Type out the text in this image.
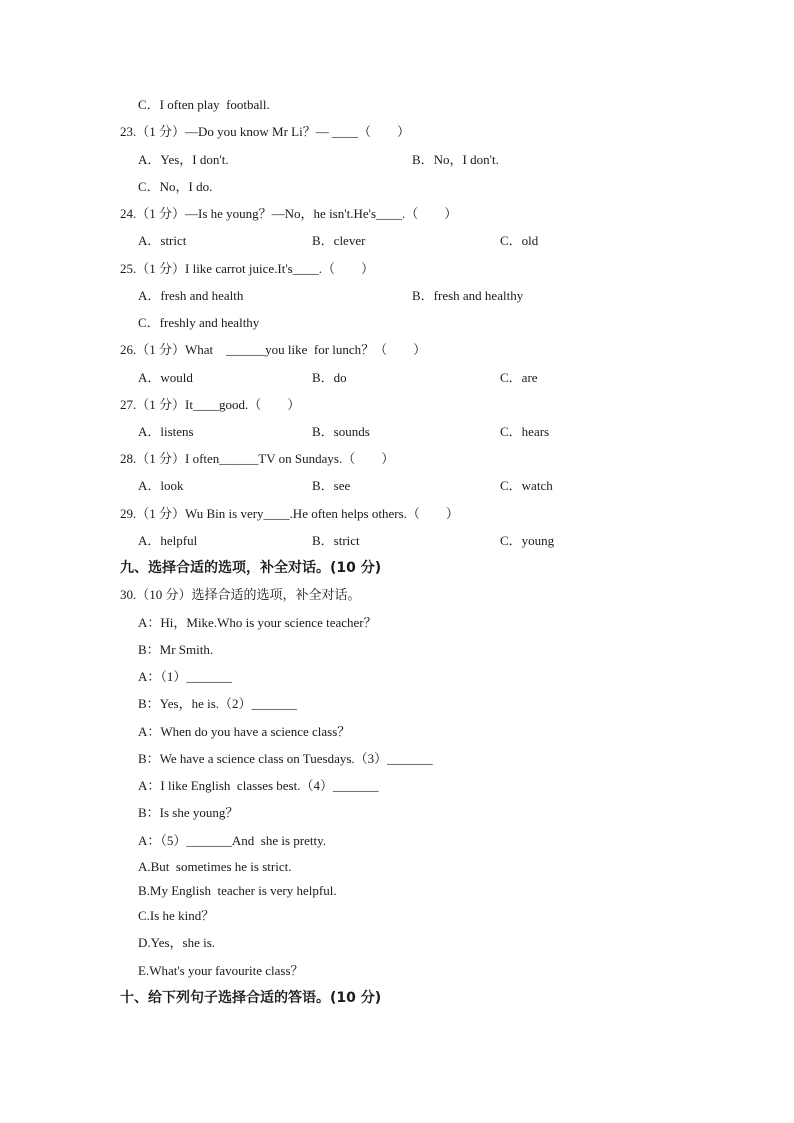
C．I often play  football.
23.（1 分）—Do you know Mr Li？— ____（　　）
A．Yes，I don't.	B．No，I don't.
C．No，I do.
24.（1 分）—Is he young？—No，he isn't.He's____.（　　）
A．strict	B．clever	C．old
25.（1 分）I like carrot juice.It's____.（　　）
A．fresh and health	B．fresh and healthy
C．freshly and healthy
26.（1 分）What　______you like  for lunch？（　　）
A．would	B．do	C．are
27.（1 分）It____good.（　　）
A．listens	B．sounds	C．hears
28.（1 分）I often______TV on Sundays.（　　）
A．look	B．see	C．watch
29.（1 分）Wu Bin is very____.He often helps others.（　　）
A．helpful	B．strict	C．young
九、选择合适的选项，补全对话。(10 分)
30.（10 分）选择合适的选项，补全对话。
A：Hi，Mike.Who is your science teacher？
B：Mr Smith.
A：（1）_______
B：Yes，he is.（2）_______
A：When do you have a science class？
B：We have a science class on Tuesdays.（3）_______
A：I like English  classes best.（4）_______
B：Is she young？
A：（5）_______And  she is pretty.
A.But  sometimes he is strict.
B.My English  teacher is very helpful.
C.Is he kind？
D.Yes，she is.
E.What's your favourite class？
十、给下列句子选择合适的答语。(10 分)
